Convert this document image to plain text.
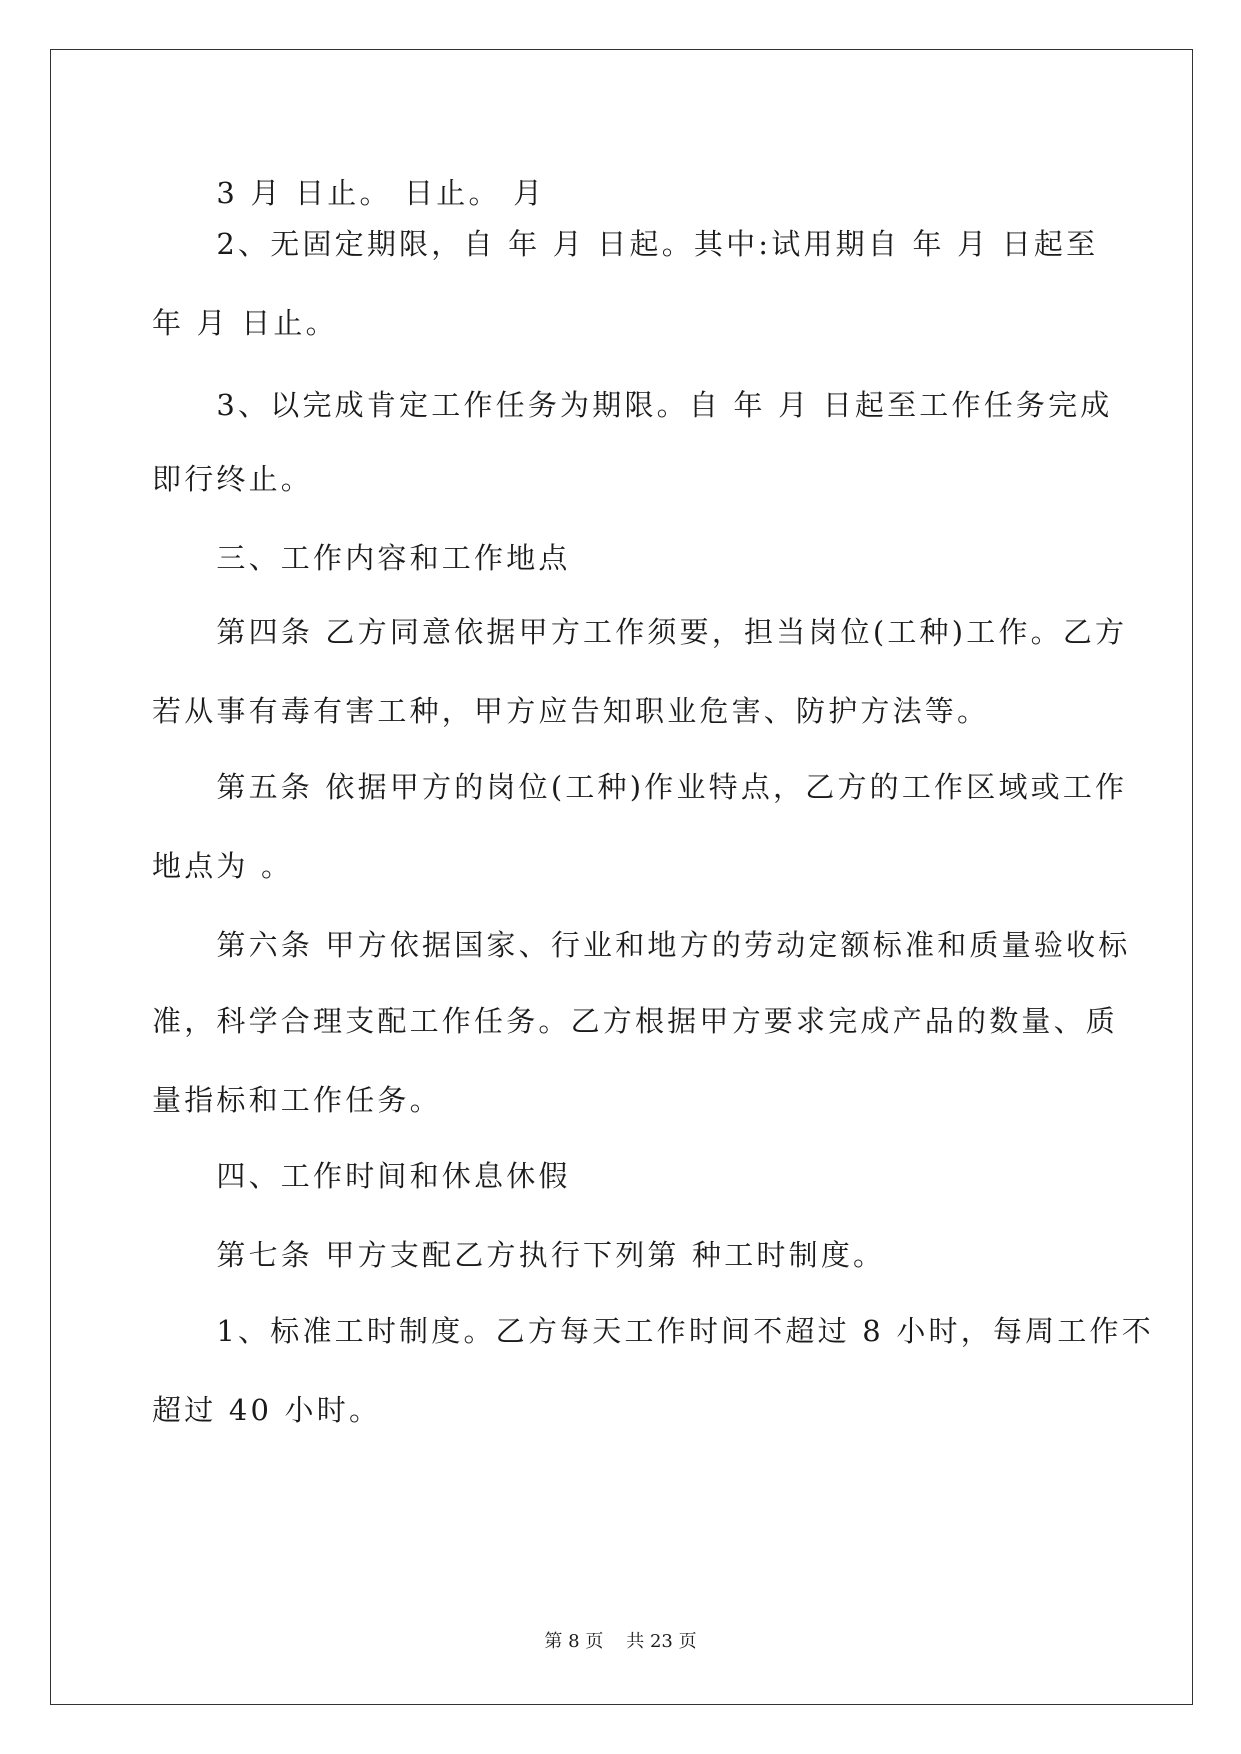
　　3 月 日止。 日止。 月
　　2、无固定期限，自 年 月 日起。其中:试用期自 年 月 日起至
年 月 日止。
　　3、以完成肯定工作任务为期限。自 年 月 日起至工作任务完成
即行终止。
　　三、工作内容和工作地点
　　第四条 乙方同意依据甲方工作须要，担当岗位(工种)工作。乙方
若从事有毒有害工种，甲方应告知职业危害、防护方法等。
　　第五条 依据甲方的岗位(工种)作业特点，乙方的工作区域或工作
地点为 。
　　第六条 甲方依据国家、行业和地方的劳动定额标准和质量验收标
准，科学合理支配工作任务。乙方根据甲方要求完成产品的数量、质
量指标和工作任务。
　　四、工作时间和休息休假
　　第七条 甲方支配乙方执行下列第 种工时制度。
　　1、标准工时制度。乙方每天工作时间不超过 8 小时，每周工作不
超过 40 小时。
第 8 页 共 23 页
